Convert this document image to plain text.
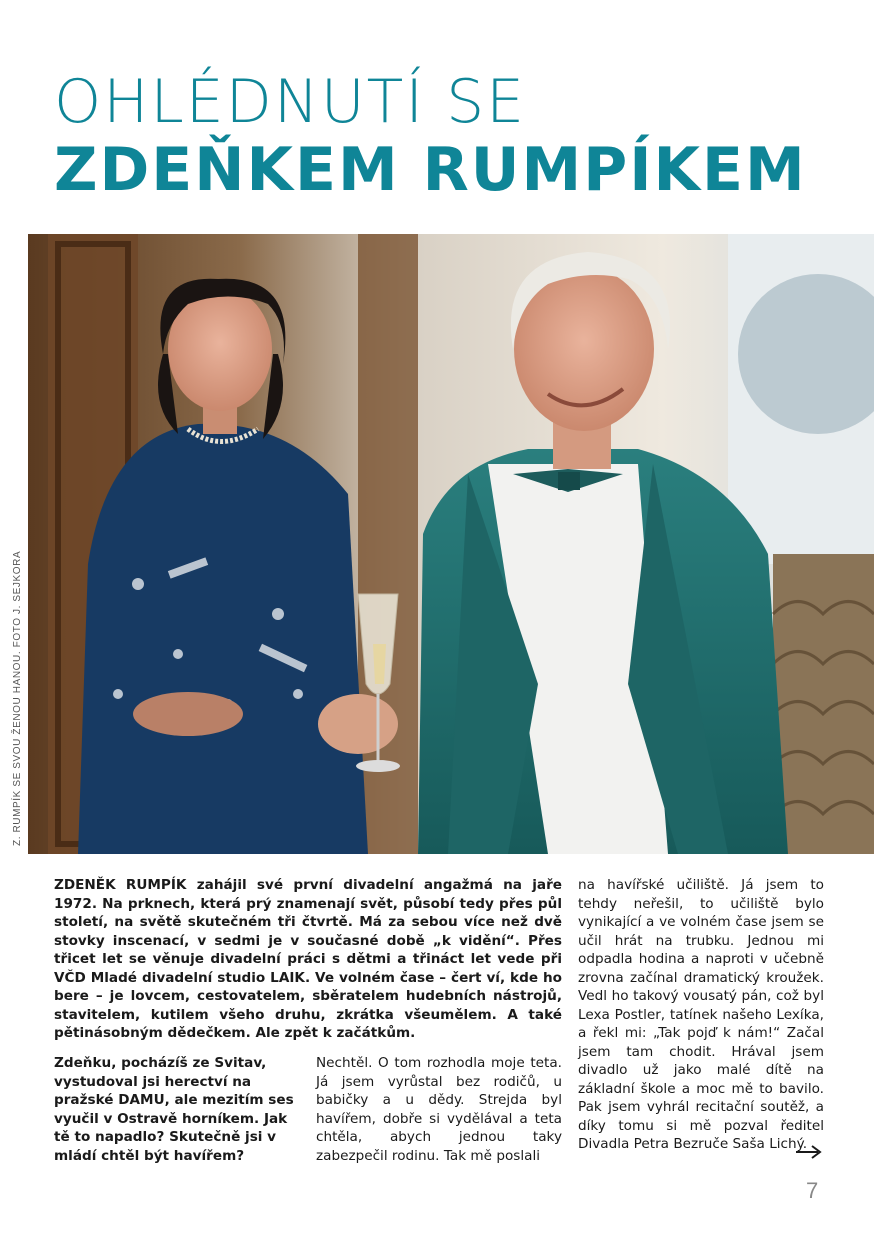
OHLÉDNUTÍ SE
ZDEŇKEM RUMPÍKEM
Z. RUMPÍK SE SVOU ŽENOU HANOU. FOTO J. SEJKORA

ZDENĚK RUMPÍK zahájil své první divadelní angažmá na jaře 1972. Na prknech, která prý znamenají svět, působí tedy přes půl století, na světě skutečném tři čtvrtě. Má za sebou více než dvě stovky inscenací, v sedmi je v současné době „k vidění“. Přes třicet let se věnuje divadelní práci s dětmi a třináct let vede při VČD Mladé divadelní studio LAIK. Ve volném čase – čert ví, kde ho bere – je lovcem, cestovatelem, sběratelem hudebních nástrojů, stavitelem, kutilem všeho druhu, zkrátka všeumělem. A také pětinásobným dědečkem. Ale zpět k začátkům.

Zdeňku, pocházíš ze Svitav, vystudoval jsi herectví na pražské DAMU, ale mezitím ses vyučil v Ostravě horníkem. Jak tě to napadlo? Skutečně jsi v mládí chtěl být havířem?

Nechtěl. O tom rozhodla moje teta. Já jsem vyrůstal bez rodičů, u babičky a u dědy. Strejda byl havířem, dobře si vydělával a teta chtěla, abych jednou taky zabezpečil rodinu. Tak mě poslali

na havířské učiliště. Já jsem to tehdy neřešil, to učiliště bylo vynikající a ve volném čase jsem se učil hrát na trubku. Jednou mi odpadla hodina a naproti v učebně zrovna začínal dramatický kroužek. Vedl ho takový vousatý pán, což byl Lexa Postler, tatínek našeho Lexíka, a řekl mi: „Tak pojď k nám!“ Začal jsem tam chodit. Hrával jsem divadlo už jako malé dítě na základní škole a moc mě to bavilo. Pak jsem vyhrál recitační soutěž, a díky tomu si mě pozval ředitel Divadla Petra Bezruče Saša Lichý.

7
